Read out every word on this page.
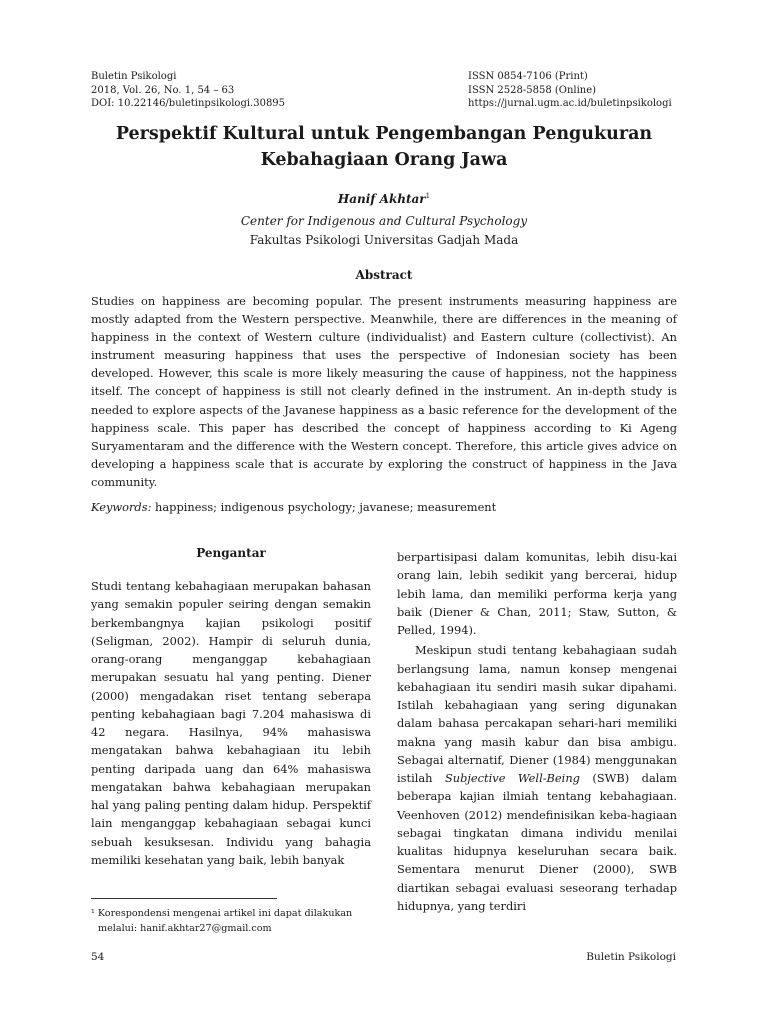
Buletin Psikologi
2018, Vol. 26, No. 1, 54 – 63
DOI: 10.22146/buletinpsikologi.30895
ISSN 0854-7106 (Print)
ISSN 2528-5858 (Online)
https://jurnal.ugm.ac.id/buletinpsikologi
Perspektif Kultural untuk Pengembangan Pengukuran
Kebahagiaan Orang Jawa
Hanif Akhtar$^1$
Center for Indigenous and Cultural Psychology
Fakultas Psikologi Universitas Gadjah Mada
Abstract
Studies on happiness are becoming popular. The present instruments measuring happiness are mostly adapted from the Western perspective. Meanwhile, there are differences in the meaning of happiness in the context of Western culture (individualist) and Eastern culture (collectivist). An instrument measuring happiness that uses the perspective of Indonesian society has been developed. However, this scale is more likely measuring the cause of happiness, not the happiness itself. The concept of happiness is still not clearly defined in the instrument. An in-depth study is needed to explore aspects of the Javanese happiness as a basic reference for the development of the happiness scale. This paper has described the concept of happiness according to Ki Ageng Suryamentaram and the difference with the Western concept. Therefore, this article gives advice on developing a happiness scale that is accurate by exploring the construct of happiness in the Java community.
Keywords: happiness; indigenous psychology; javanese; measurement
Pengantar

Studi tentang kebahagiaan merupakan bahasan yang semakin populer seiring dengan semakin berkembangnya kajian psikologi positif (Seligman, 2002). Hampir di seluruh dunia, orang-orang menganggap kebahagiaan merupakan sesuatu hal yang penting. Diener (2000) mengadakan riset tentang seberapa penting kebahagiaan bagi 7.204 mahasiswa di 42 negara. Hasilnya, 94% mahasiswa mengatakan bahwa kebahagiaan itu lebih penting daripada uang dan 64% mahasiswa mengatakan bahwa kebahagiaan merupakan hal yang paling penting dalam hidup. Perspektif lain menganggap kebahagiaan sebagai kunci sebuah kesuksesan. Individu yang bahagia memiliki kesehatan yang baik, lebih banyak

berpartisipasi dalam komunitas, lebih disu-kai orang lain, lebih sedikit yang bercerai, hidup lebih lama, dan memiliki performa kerja yang baik (Diener & Chan, 2011; Staw, Sutton, & Pelled, 1994).

Meskipun studi tentang kebahagiaan sudah berlangsung lama, namun konsep mengenai kebahagiaan itu sendiri masih sukar dipahami. Istilah kebahagiaan yang sering digunakan dalam bahasa percakapan sehari-hari memiliki makna yang masih kabur dan bisa ambigu. Sebagai alternatif, Diener (1984) menggunakan istilah Subjective Well-Being (SWB) dalam beberapa kajian ilmiah tentang kebahagiaan. Veenhoven (2012) mendefinisikan keba-hagiaan sebagai tingkatan dimana individu menilai kualitas hidupnya keseluruhan secara baik. Sementara menurut Diener (2000), SWB diartikan sebagai evaluasi seseorang terhadap hidupnya, yang terdiri

¹ Korespondensi mengenai artikel ini dapat dilakukan
melalui: hanif.akhtar27@gmail.com
54	Buletin Psikologi
